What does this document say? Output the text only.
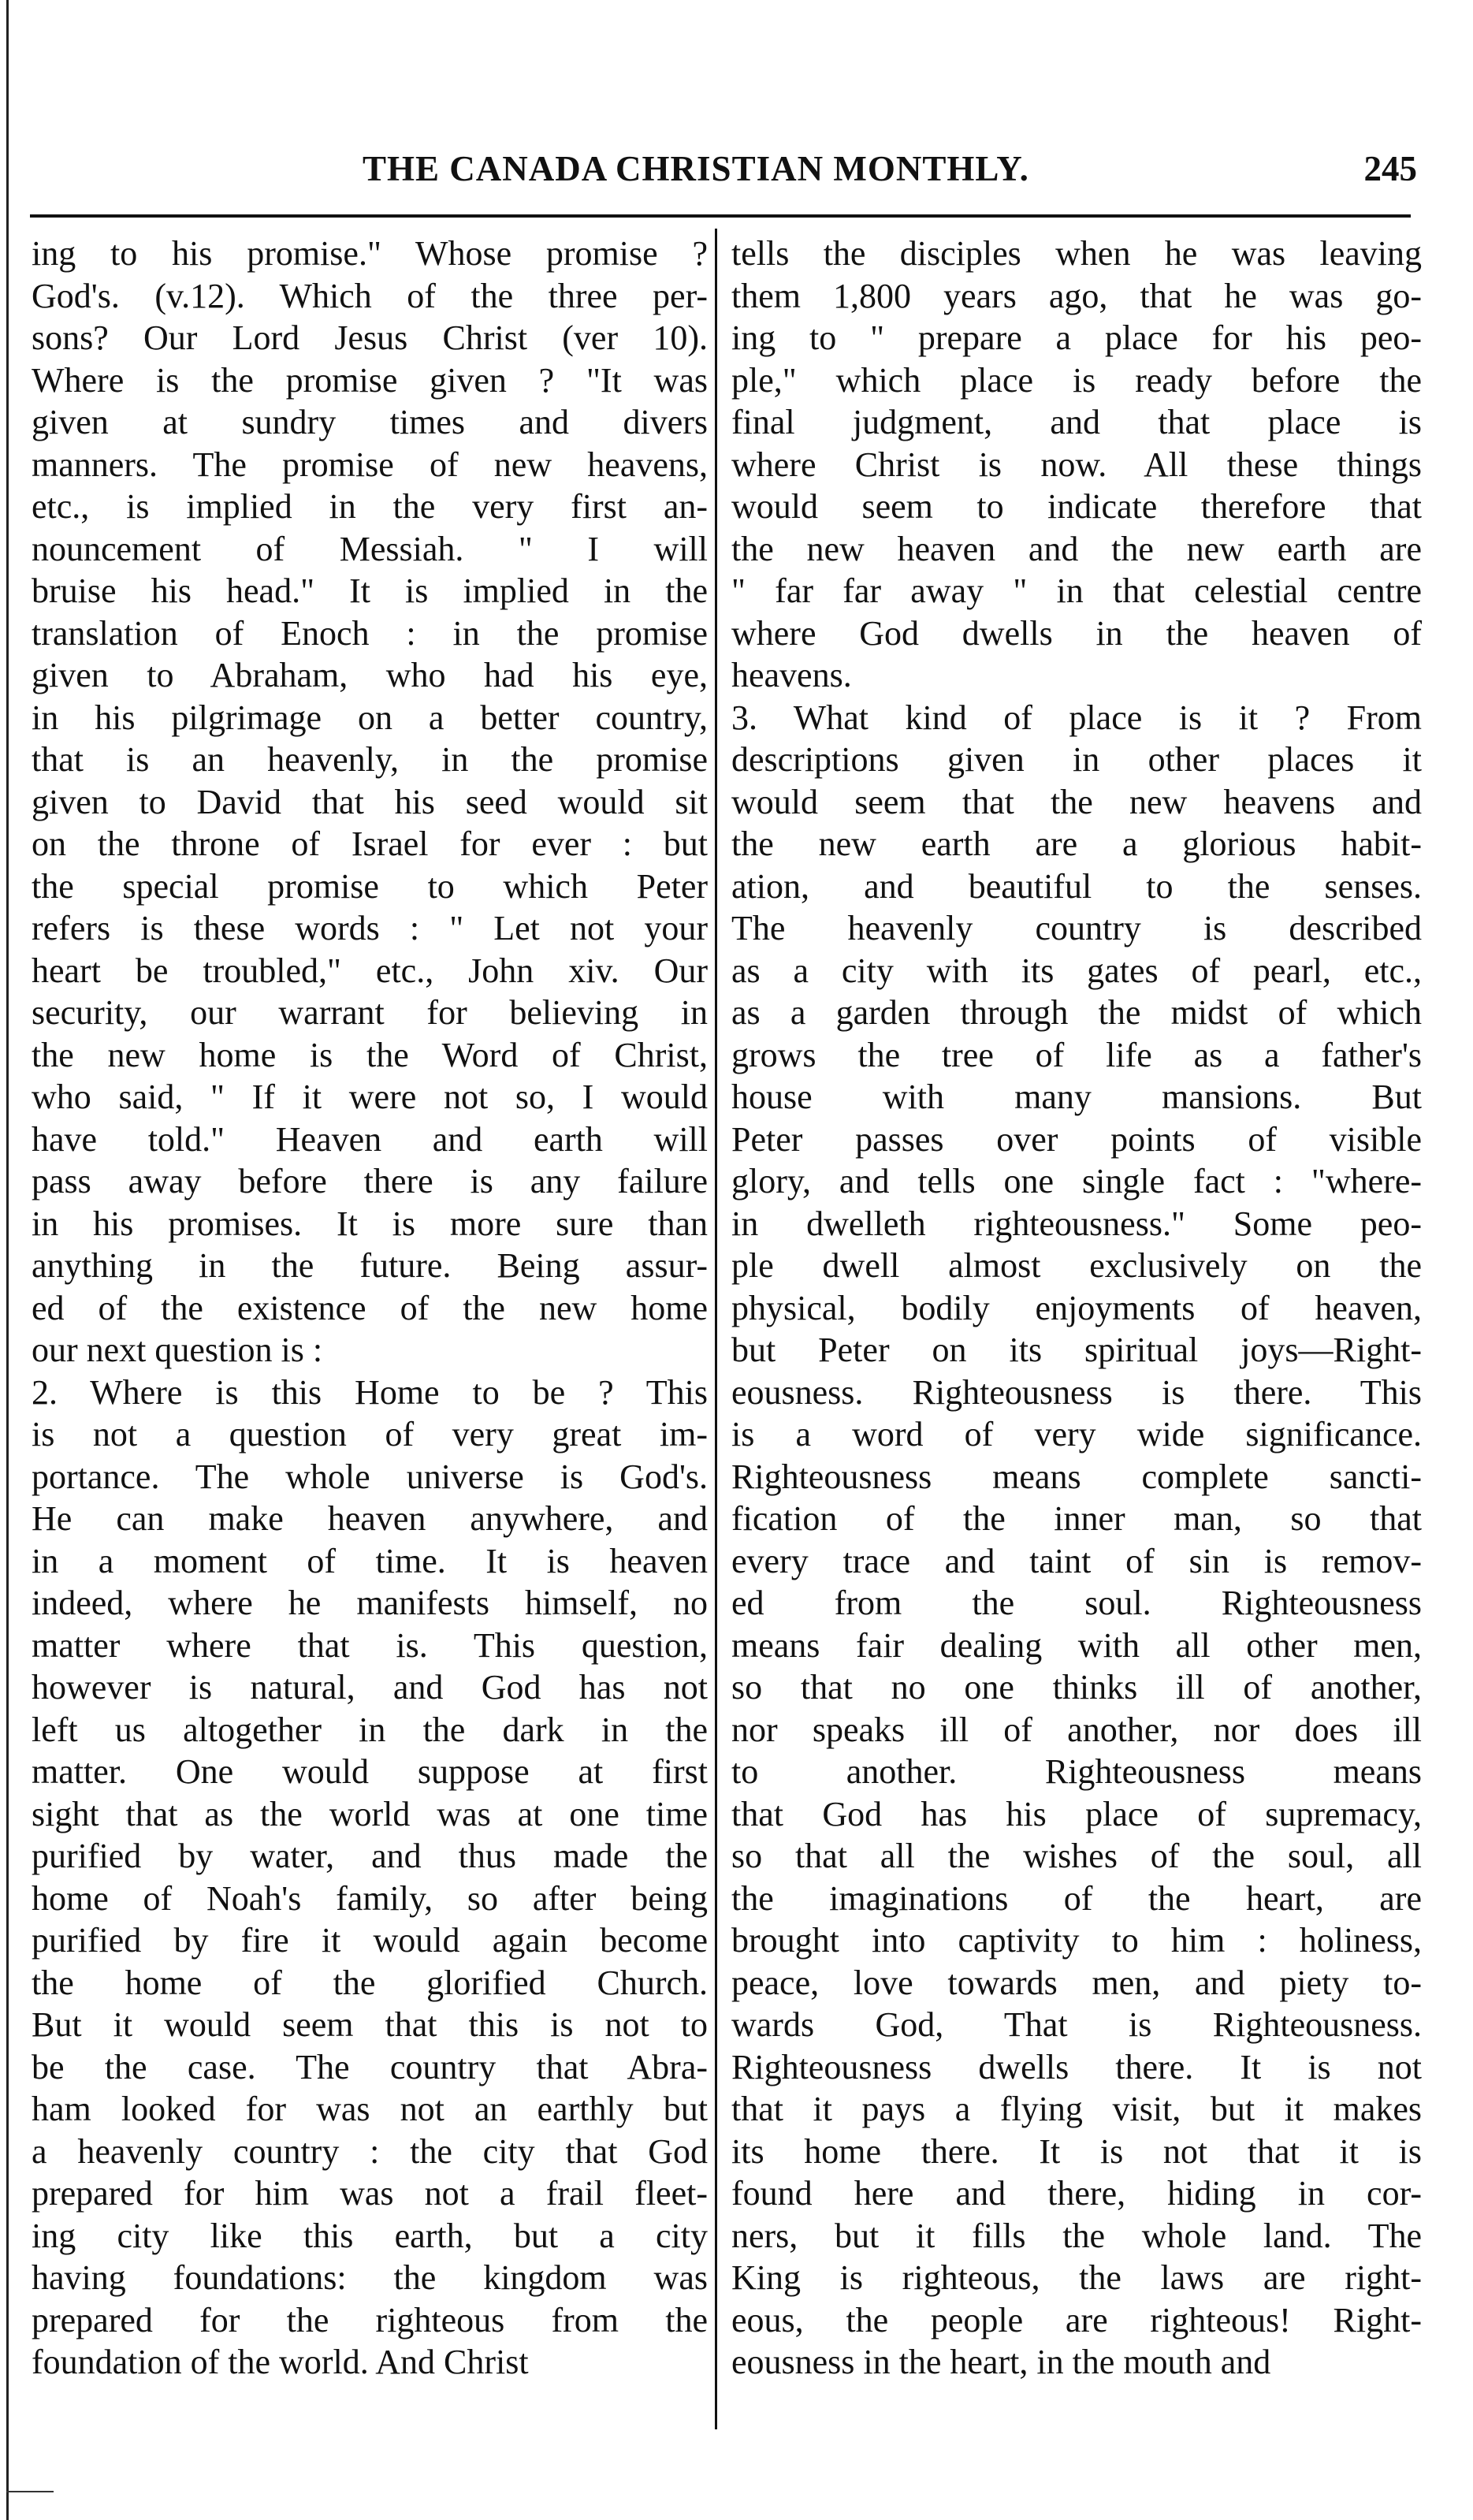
THE CANADA CHRISTIAN MONTHLY.	245
ing to his promise." Whose promise ?
God's. (v.12). Which of the three per-
sons? Our Lord Jesus Christ (ver 10).
Where is the promise given ? "It was
given at sundry times and divers
manners. The promise of new heavens,
etc., is implied in the very first an-
nouncement of Messiah. " I will
bruise his head." It is implied in the
translation of Enoch : in the promise
given to Abraham, who had his eye,
in his pilgrimage on a better country,
that is an heavenly, in the promise
given to David that his seed would sit
on the throne of Israel for ever : but
the special promise to which Peter
refers is these words : " Let not your
heart be troubled," etc., John xiv. Our
security, our warrant for believing in
the new home is the Word of Christ,
who said, " If it were not so, I would
have told." Heaven and earth will
pass away before there is any failure
in his promises. It is more sure than
anything in the future. Being assur-
ed of the existence of the new home
our next question is :
2. Where is this Home to be ? This
is not a question of very great im-
portance. The whole universe is God's.
He can make heaven anywhere, and
in a moment of time. It is heaven
indeed, where he manifests himself, no
matter where that is. This question,
however is natural, and God has not
left us altogether in the dark in the
matter. One would suppose at first
sight that as the world was at one time
purified by water, and thus made the
home of Noah's family, so after being
purified by fire it would again become
the home of the glorified Church.
But it would seem that this is not to
be the case. The country that Abra-
ham looked for was not an earthly but
a heavenly country : the city that God
prepared for him was not a frail fleet-
ing city like this earth, but a city
having foundations: the kingdom was
prepared for the righteous from the
foundation of the world. And Christ
tells the disciples when he was leaving
them 1,800 years ago, that he was go-
ing to " prepare a place for his peo-
ple," which place is ready before the
final judgment, and that place is
where Christ is now. All these things
would seem to indicate therefore that
the new heaven and the new earth are
" far far away " in that celestial centre
where God dwells in the heaven of
heavens.
3. What kind of place is it ? From
descriptions given in other places it
would seem that the new heavens and
the new earth are a glorious habit-
ation, and beautiful to the senses.
The heavenly country is described
as a city with its gates of pearl, etc.,
as a garden through the midst of which
grows the tree of life as a father's
house with many mansions. But
Peter passes over points of visible
glory, and tells one single fact : "where-
in dwelleth righteousness." Some peo-
ple dwell almost exclusively on the
physical, bodily enjoyments of heaven,
but Peter on its spiritual joys—Right-
eousness. Righteousness is there. This
is a word of very wide significance.
Righteousness means complete sancti-
fication of the inner man, so that
every trace and taint of sin is remov-
ed from the soul. Righteousness
means fair dealing with all other men,
so that no one thinks ill of another,
nor speaks ill of another, nor does ill
to another. Righteousness means
that God has his place of supremacy,
so that all the wishes of the soul, all
the imaginations of the heart, are
brought into captivity to him : holiness,
peace, love towards men, and piety to-
wards God, That is Righteousness.
Righteousness dwells there. It is not
that it pays a flying visit, but it makes
its home there. It is not that it is
found here and there, hiding in cor-
ners, but it fills the whole land. The
King is righteous, the laws are right-
eous, the people are righteous! Right-
eousness in the heart, in the mouth and
